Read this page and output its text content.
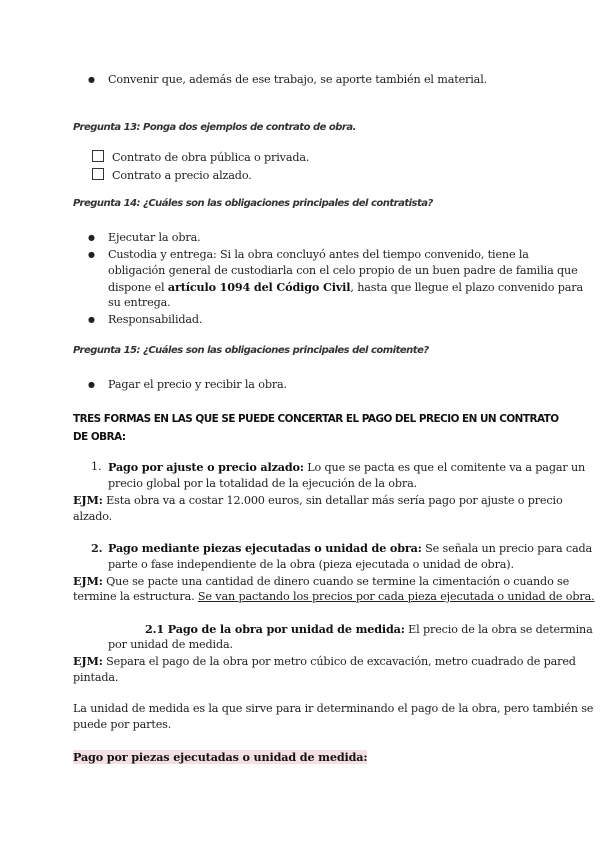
● Convenir que, además de ese trabajo, se aporte también el material.
Pregunta 13: Ponga dos ejemplos de contrato de obra.
Contrato de obra pública o privada.
Contrato a precio alzado.
Pregunta 14: ¿Cuáles son las obligaciones principales del contratista?
● Ejecutar la obra.
● Custodia y entrega: Si la obra concluyó antes del tiempo convenido, tiene la
obligación general de custodiarla con el celo propio de un buen padre de familia que
dispone el artículo 1094 del Código Civil, hasta que llegue el plazo convenido para
su entrega.
● Responsabilidad.
Pregunta 15: ¿Cuáles son las obligaciones principales del comitente?
● Pagar el precio y recibir la obra.
TRES FORMAS EN LAS QUE SE PUEDE CONCERTAR EL PAGO DEL PRECIO EN UN CONTRATO
DE OBRA:
1. Pago por ajuste o precio alzado: Lo que se pacta es que el comitente va a pagar un
precio global por la totalidad de la ejecución de la obra.
EJM: Esta obra va a costar 12.000 euros, sin detallar más sería pago por ajuste o precio
alzado.
2. Pago mediante piezas ejecutadas o unidad de obra: Se señala un precio para cada
parte o fase independiente de la obra (pieza ejecutada o unidad de obra).
EJM: Que se pacte una cantidad de dinero cuando se termine la cimentación o cuando se
termine la estructura. Se van pactando los precios por cada pieza ejecutada o unidad de obra.
2.1 Pago de la obra por unidad de medida: El precio de la obra se determina
por unidad de medida.
EJM: Separa el pago de la obra por metro cúbico de excavación, metro cuadrado de pared
pintada.
La unidad de medida es la que sirve para ir determinando el pago de la obra, pero también se
puede por partes.
Pago por piezas ejecutadas o unidad de medida:
